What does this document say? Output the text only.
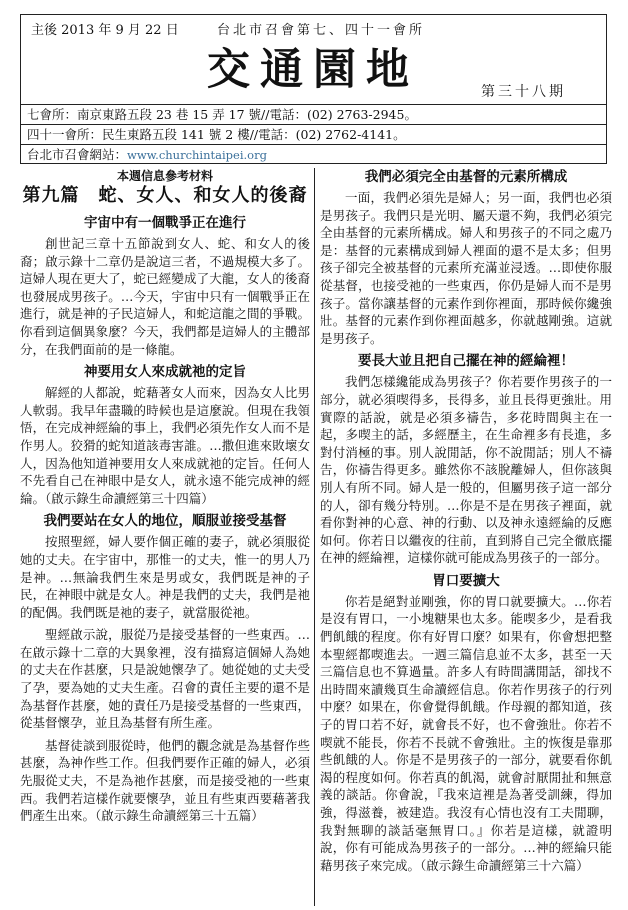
主後 2013 年 9 月 22 日	台北市召會第七、四十一會所
交通園地	第三十八期
七會所：南京東路五段 23 巷 15 弄 17 號//電話：(02) 2763-2945。
四十一會所：民生東路五段 141 號 2 樓//電話：(02) 2762-4141。
台北市召會網站：www.churchintaipei.org
本週信息參考材料
第九篇　蛇、女人、和女人的後裔
宇宙中有一個戰爭正在進行

創世記三章十五節說到女人、蛇、和女人的後裔；啟示錄十二章仍是說這三者，不過規模大多了。這婦人現在更大了，蛇已經變成了大龍，女人的後裔也發展成男孩子。…今天，宇宙中只有一個戰爭正在進行，就是神的子民這婦人，和蛇這龍之間的爭戰。你看到這個異象麼？今天，我們都是這婦人的主體部分，在我們面前的是一條龍。

神要用女人來成就祂的定旨

解經的人都說，蛇藉著女人而來，因為女人比男人軟弱。我早年盡職的時候也是這麼說。但現在我領悟，在完成神經綸的事上，我們必須先作女人而不是作男人。狡猾的蛇知道該毒害誰。…撒但進來敗壞女人，因為他知道神要用女人來成就祂的定旨。任何人不先看自己在神眼中是女人，就永遠不能完成神的經綸。（啟示錄生命讀經第三十四篇）

我們要站在女人的地位，順服並接受基督

按照聖經，婦人要作個正確的妻子，就必須服從她的丈夫。在宇宙中，那惟一的丈夫，惟一的男人乃是神。…無論我們生來是男或女，我們既是神的子民，在神眼中就是女人。神是我們的丈夫，我們是祂的配偶。我們既是祂的妻子，就當服從祂。

聖經啟示說，服從乃是接受基督的一些東西。…在啟示錄十二章的大異象裡，沒有描寫這個婦人為她的丈夫在作甚麼，只是說她懷孕了。她從她的丈夫受了孕，要為她的丈夫生產。召會的責任主要的還不是為基督作甚麼，她的責任乃是接受基督的一些東西，從基督懷孕，並且為基督有所生產。

基督徒談到服從時，他們的觀念就是為基督作些甚麼，為神作些工作。但我們要作正確的婦人，必須先服從丈夫，不是為祂作甚麼，而是接受祂的一些東西。我們若這樣作就要懷孕，並且有些東西要藉著我們產生出來。（啟示錄生命讀經第三十五篇）

我們必須完全由基督的元素所構成

一面，我們必須先是婦人；另一面，我們也必須是男孩子。我們只是光明、屬天還不夠，我們必須完全由基督的元素所構成。婦人和男孩子的不同之處乃是：基督的元素構成到婦人裡面的還不是太多；但男孩子卻完全被基督的元素所充滿並浸透。…即使你服從基督，也接受祂的一些東西，你仍是婦人而不是男孩子。當你讓基督的元素作到你裡面，那時候你纔強壯。基督的元素作到你裡面越多，你就越剛強。這就是男孩子。

要長大並且把自己擺在神的經綸裡！

我們怎樣纔能成為男孩子？你若要作男孩子的一部分，就必須喫得多，長得多，並且長得更強壯。用實際的話說，就是必須多禱告，多花時間與主在一起，多喫主的話，多經歷主，在生命裡多有長進，多對付消極的事。別人說閒話，你不說閒話；別人不禱告，你禱告得更多。雖然你不該脫離婦人，但你該與別人有所不同。婦人是一般的，但屬男孩子這一部分的人，卻有幾分特別。…你是不是在男孩子裡面，就看你對神的心意、神的行動、以及神永遠經綸的反應如何。你若日以繼夜的往前，直到將自己完全徹底擺在神的經綸裡，這樣你就可能成為男孩子的一部分。

胃口要擴大

你若是絕對並剛強，你的胃口就要擴大。…你若是沒有胃口，一小塊糖果也太多。能喫多少，是看我們飢餓的程度。你有好胃口麼？如果有，你會想把整本聖經都喫進去。一週三篇信息並不太多，甚至一天三篇信息也不算過量。許多人有時間講閒話，卻找不出時間來讀幾頁生命讀經信息。你若作男孩子的行列中麼？如果在，你會覺得飢餓。作母親的都知道，孩子的胃口若不好，就會長不好，也不會強壯。你若不喫就不能長，你若不長就不會強壯。主的恢復是靠那些飢餓的人。你是不是男孩子的一部分，就要看你飢渴的程度如何。你若真的飢渴，就會討厭閒扯和無意義的談話。你會說，『我來這裡是為著受訓練，得加強，得滋養，被建造。我沒有心情也沒有工夫閒聊，我對無聊的談話毫無胃口。』你若是這樣，就證明說，你有可能成為男孩子的一部分。…神的經綸只能藉男孩子來完成。（啟示錄生命讀經第三十六篇）
